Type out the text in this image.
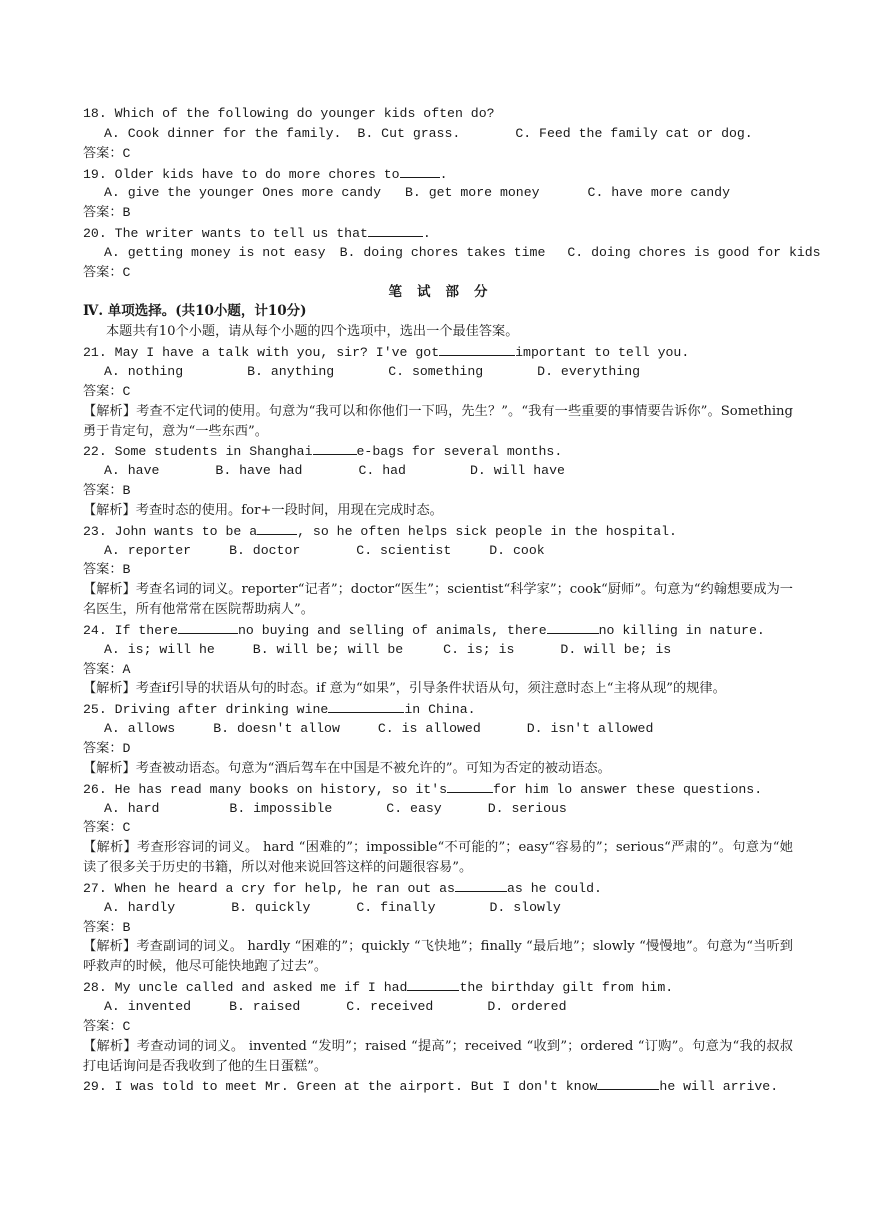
18. Which of the following do younger kids often do?
A. Cook dinner for the family. B. Cut grass.	C. Feed the family cat or dog.
答案：C
19. Older kids have to do more chores to	.
A. give the younger Ones more candy B. get more money	C. have more candy
答案：B
20. The writer wants to tell us that	.
A. getting money is not easy B. doing chores takes time C. doing chores is good for kids
答案：C
笔试部分
Ⅳ. 单项选择。(共10小题，计10分)
本题共有10个小题，请从每个小题的四个选项中，选出一个最佳答案。
21. May I have a talk with you, sir? I've got	important to tell you.
A. nothing	B. anything	C. something	D. everything
答案：C
【解析】考查不定代词的使用。句意为“我可以和你他们一下吗，先生？”。“我有一些重要的事情要告诉你”。Something勇于肯定句，意为“一些东西”。
22. Some students in Shanghai	e-bags for several months.
A. have	B. have had	C. had	D. will have
答案：B
【解析】考查时态的使用。for+一段时间，用现在完成时态。
23. John wants to be a	, so he often helps sick people in the hospital.
A. reporter	B. doctor	C. scientist	D. cook
答案：B
【解析】考查名词的词义。reporter“记者”；doctor“医生”；scientist“科学家”；cook“厨师”。句意为“约翰想要成为一名医生，所有他常常在医院帮助病人”。
24. If there	no buying and selling of animals, there	no killing in nature.
A. is; will he	B. will be; will be	C. is; is	D. will be; is
答案：A
【解析】考查if引导的状语从句的时态。if 意为“如果”，引导条件状语从句，须注意时态上“主将从现”的规律。
25. Driving after drinking wine	in China.
A. allows	B. doesn't allow	C. is allowed	D. isn't allowed
答案：D
【解析】考查被动语态。句意为“酒后驾车在中国是不被允许的”。可知为否定的被动语态。
26. He has read many books on history, so it's	for him lo answer these questions.
A. hard	B. impossible	C. easy	D. serious
答案：C
【解析】考查形容词的词义。 hard “困难的”；impossible“不可能的”；easy“容易的”；serious“严肃的”。句意为“她读了很多关于历史的书籍，所以对他来说回答这样的问题很容易”。
27. When he heard a cry for help, he ran out as	as he could.
A. hardly	B. quickly	C. finally	D. slowly
答案：B
【解析】考查副词的词义。 hardly “困难的”；quickly “飞快地”；finally “最后地”；slowly “慢慢地”。句意为“当听到呼救声的时候，他尽可能快地跑了过去”。
28. My uncle called and asked me if I had	the birthday gilt from him.
A. invented	B. raised	C. received	D. ordered
答案：C
【解析】考查动词的词义。 invented “发明”；raised “提高”；received “收到”；ordered “订购”。句意为“我的叔叔打电话询问是否我收到了他的生日蛋糕”。
29. I was told to meet Mr. Green at the airport. But I don't know	he will arrive.
